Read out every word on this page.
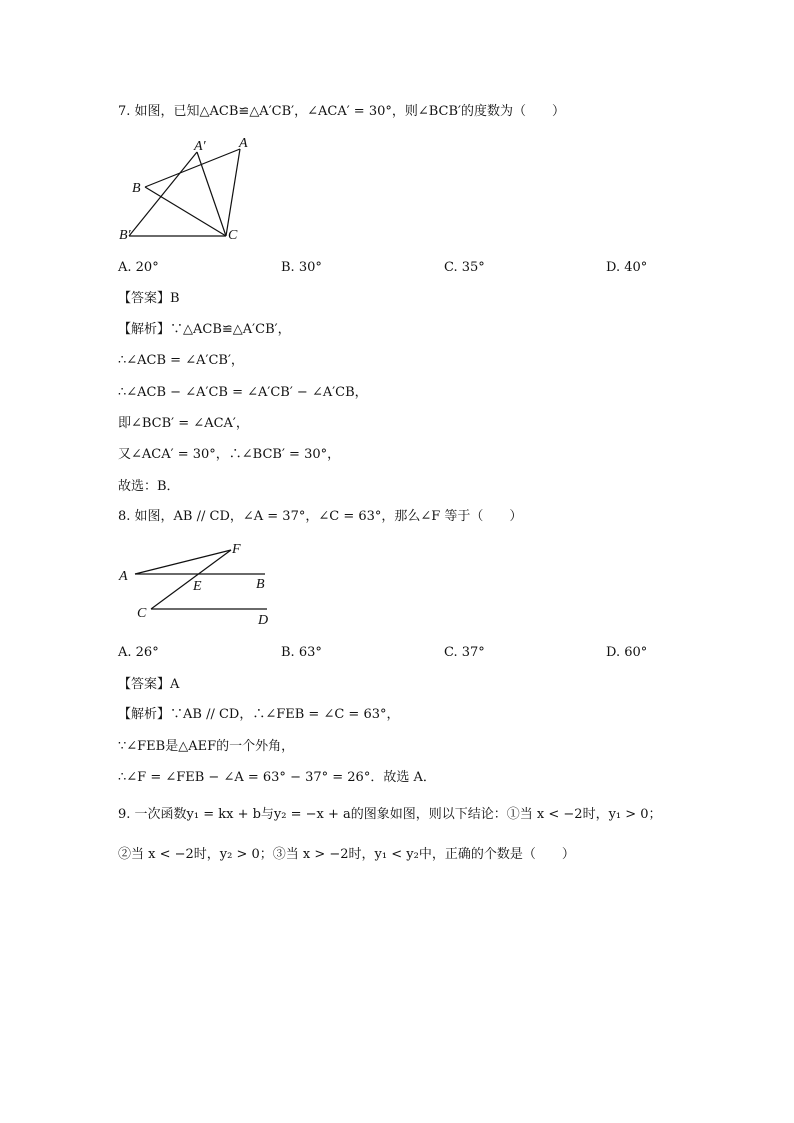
7. 如图，已知△ACB≌△A′CB′，∠ACA′ = 30°，则∠BCB′的度数为（　　）
A′ A
B
B′	C
A. 20°	B. 30°	C. 35°	D. 40°
【答案】B
【解析】∵△ACB≌△A′CB′，
∴∠ACB = ∠A′CB′，
∴∠ACB − ∠A′CB = ∠A′CB′ − ∠A′CB，
即∠BCB′ = ∠ACA′，
又∠ACA′ = 30°，∴∠BCB′ = 30°，
故选：B．
8. 如图，AB // CD，∠A = 37°，∠C = 63°，那么∠F 等于（　　）
F
A
E	B
C	D
A. 26°	B. 63°	C. 37°	D. 60°
【答案】A
【解析】∵AB // CD，∴∠FEB = ∠C = 63°，
∵∠FEB是△AEF的一个外角，
∴∠F = ∠FEB − ∠A = 63° − 37° = 26°．故选 A．
9. 一次函数y₁ = kx + b与y₂ = −x + a的图象如图，则以下结论：①当 x < −2时，y₁ > 0；
②当 x < −2时，y₂ > 0；③当 x > −2时，y₁ < y₂中，正确的个数是（　　）
